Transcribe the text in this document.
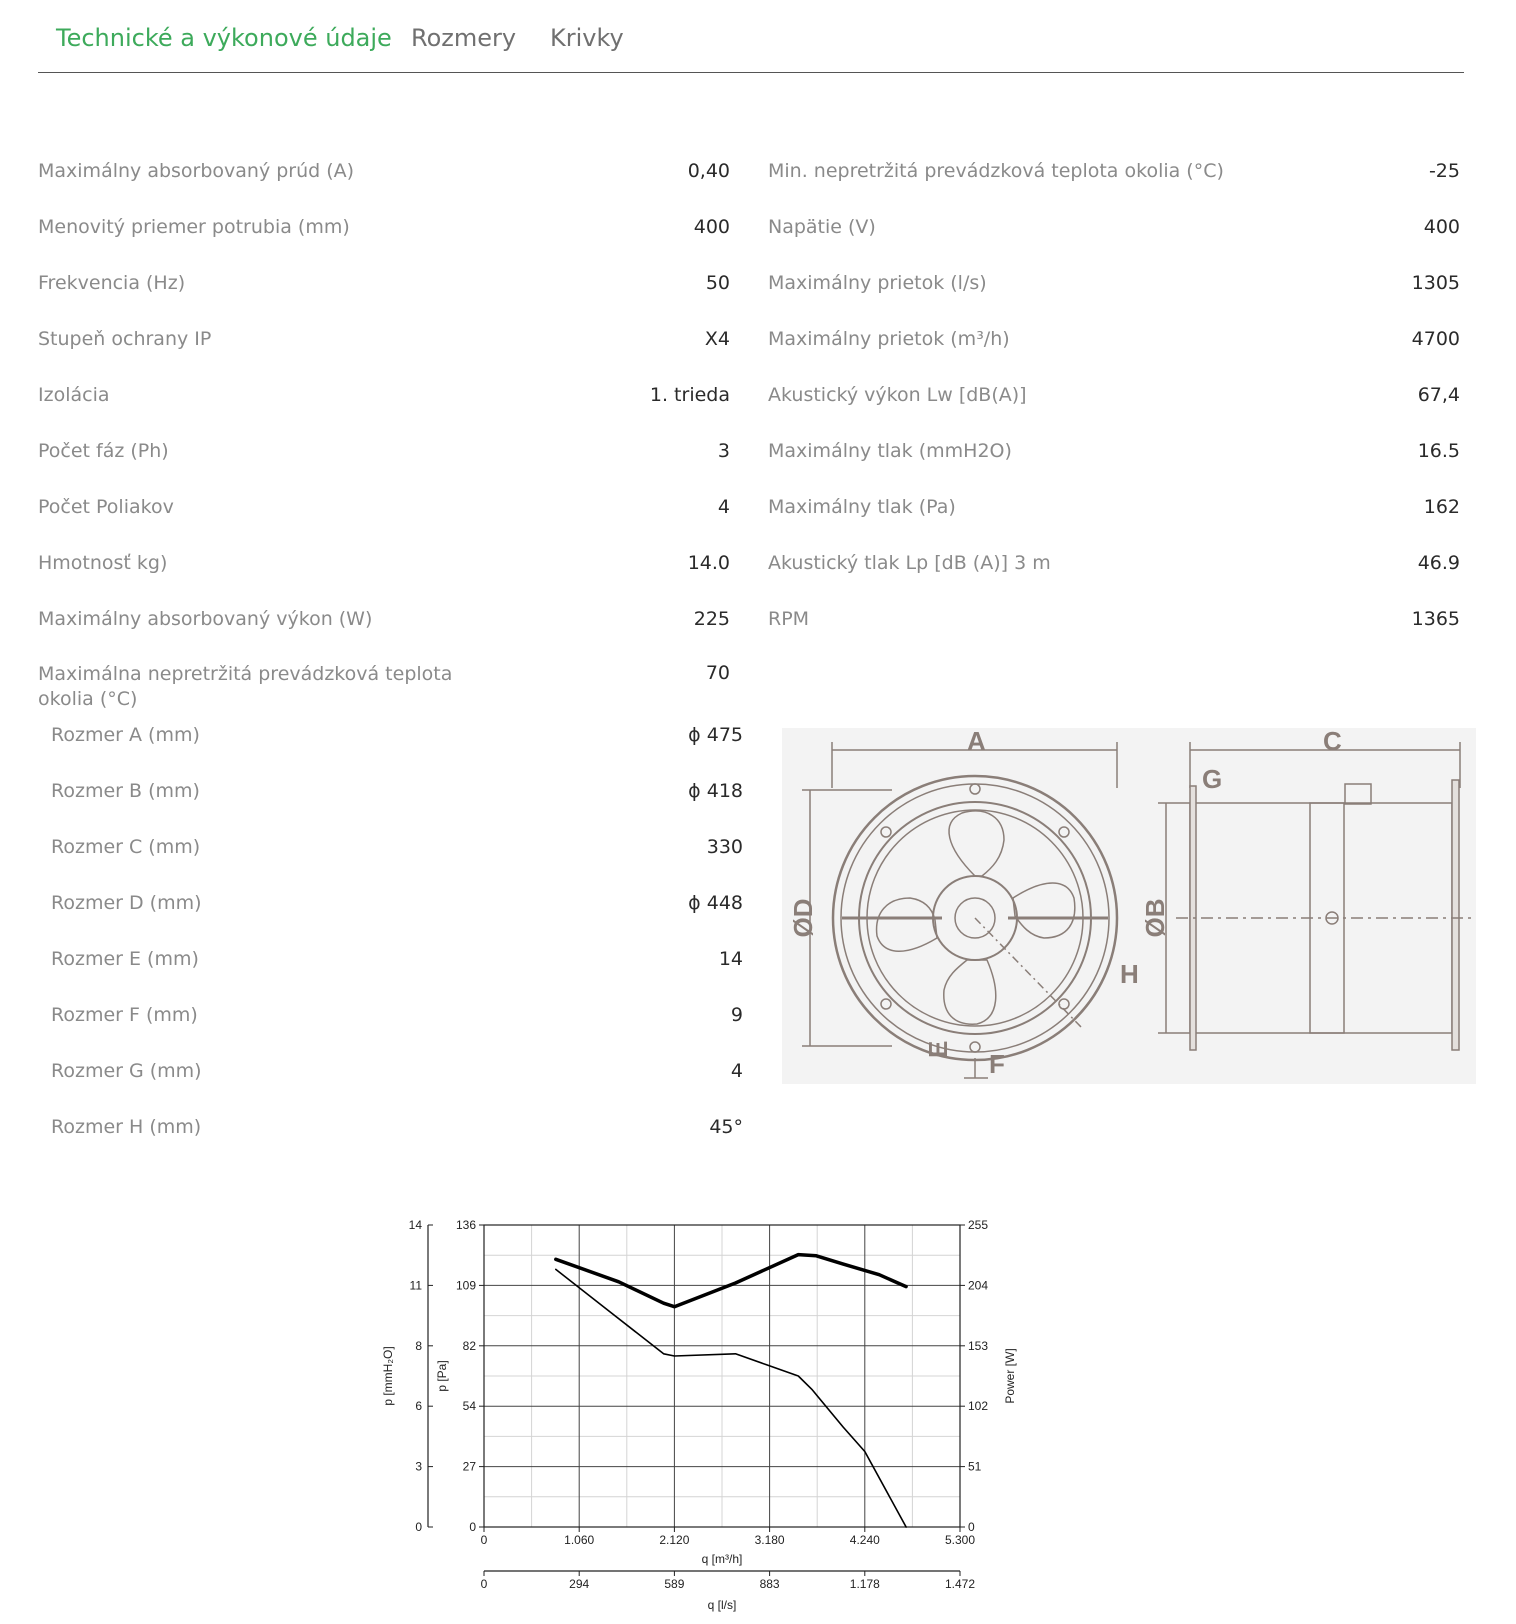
Technické a výkonové údaje Rozmery Krivky
Maximálny absorbovaný prúd (A)	0,40
Menovitý priemer potrubia (mm)	400
Frekvencia (Hz)	50
Stupeň ochrany IP	X4
Izolácia	1. trieda
Počet fáz (Ph)	3
Počet Poliakov	4
Hmotnosť kg)	14.0
Maximálny absorbovaný výkon (W)	225
Maximálna nepretržitá prevádzková teplota okolia (°C)
70
Min. nepretržitá prevádzková teplota okolia (°C)	-25
Napätie (V)	400
Maximálny prietok (l/s)	1305
Maximálny prietok (m³/h)	4700
Akustický výkon Lw [dB(A)]	67,4
Maximálny tlak (mmH2O)	16.5
Maximálny tlak (Pa)	162
Akustický tlak Lp [dB (A)] 3 m	46.9
RPM	1365
Rozmer A (mm)	ϕ 475
Rozmer B (mm)	ϕ 418
Rozmer C (mm)	330
Rozmer D (mm)	ϕ 448
Rozmer E (mm)	14
Rozmer F (mm)	9
Rozmer G (mm)	4
Rozmer H (mm)	45°
A
ØD
H
E F
C
G
ØB
0	1.060	2.120	3.180	4.240	5.300
0	294	589	883	1.178	1.472
0
27
54
82
109
136
0
3
6
8
11
14
0
51
102
153
204
255
q [m³/h]
q [l/s]
p [mmH₂O]	p [Pa]	Power [W]
